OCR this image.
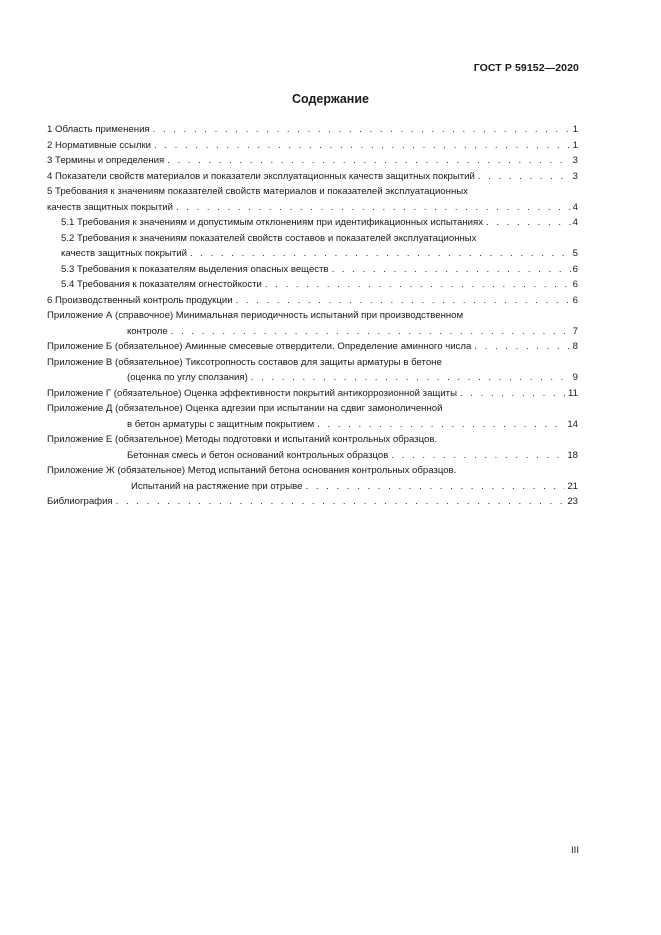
ГОСТ Р 59152—2020
Содержание
1 Область применения . . .	1
2 Нормативные ссылки . . .	1
3 Термины и определения . . .	3
4 Показатели свойств материалов и показатели эксплуатационных качеств защитных покрытий . . .	3
5 Требования к значениям показателей свойств материалов и показателей эксплуатационных
качеств защитных покрытий . . .	4
5.1 Требования к значениям и допустимым отклонениям при идентификационных испытаниях . . .	4
5.2 Требования к значениям показателей свойств составов и показателей эксплуатационных
качеств защитных покрытий . . .	5
5.3 Требования к показателям выделения опасных веществ . . .	6
5.4 Требования к показателям огнестойкости . . .	6
6 Производственный контроль продукции . . .	6
Приложение А (справочное) Минимальная периодичность испытаний при производственном
контроле . . .	7
Приложение Б (обязательное) Аминные смесевые отвердители. Определение аминного числа . . .	8
Приложение В (обязательное) Тиксотропность составов для защиты арматуры в бетоне
(оценка по углу сползания) . . .	9
Приложение Г (обязательное) Оценка эффективности покрытий антикоррозионной защиты . . .	11
Приложение Д (обязательное) Оценка адгезии при испытании на сдвиг замоноличенной
в бетон арматуры с защитным покрытием . . .	14
Приложение Е (обязательное) Методы подготовки и испытаний контрольных образцов.
Бетонная смесь и бетон оснований контрольных образцов . . .	18
Приложение Ж (обязательное) Метод испытаний бетона основания контрольных образцов.
Испытаний на растяжение при отрыве . . .	21
Библиография . . .	23
III
